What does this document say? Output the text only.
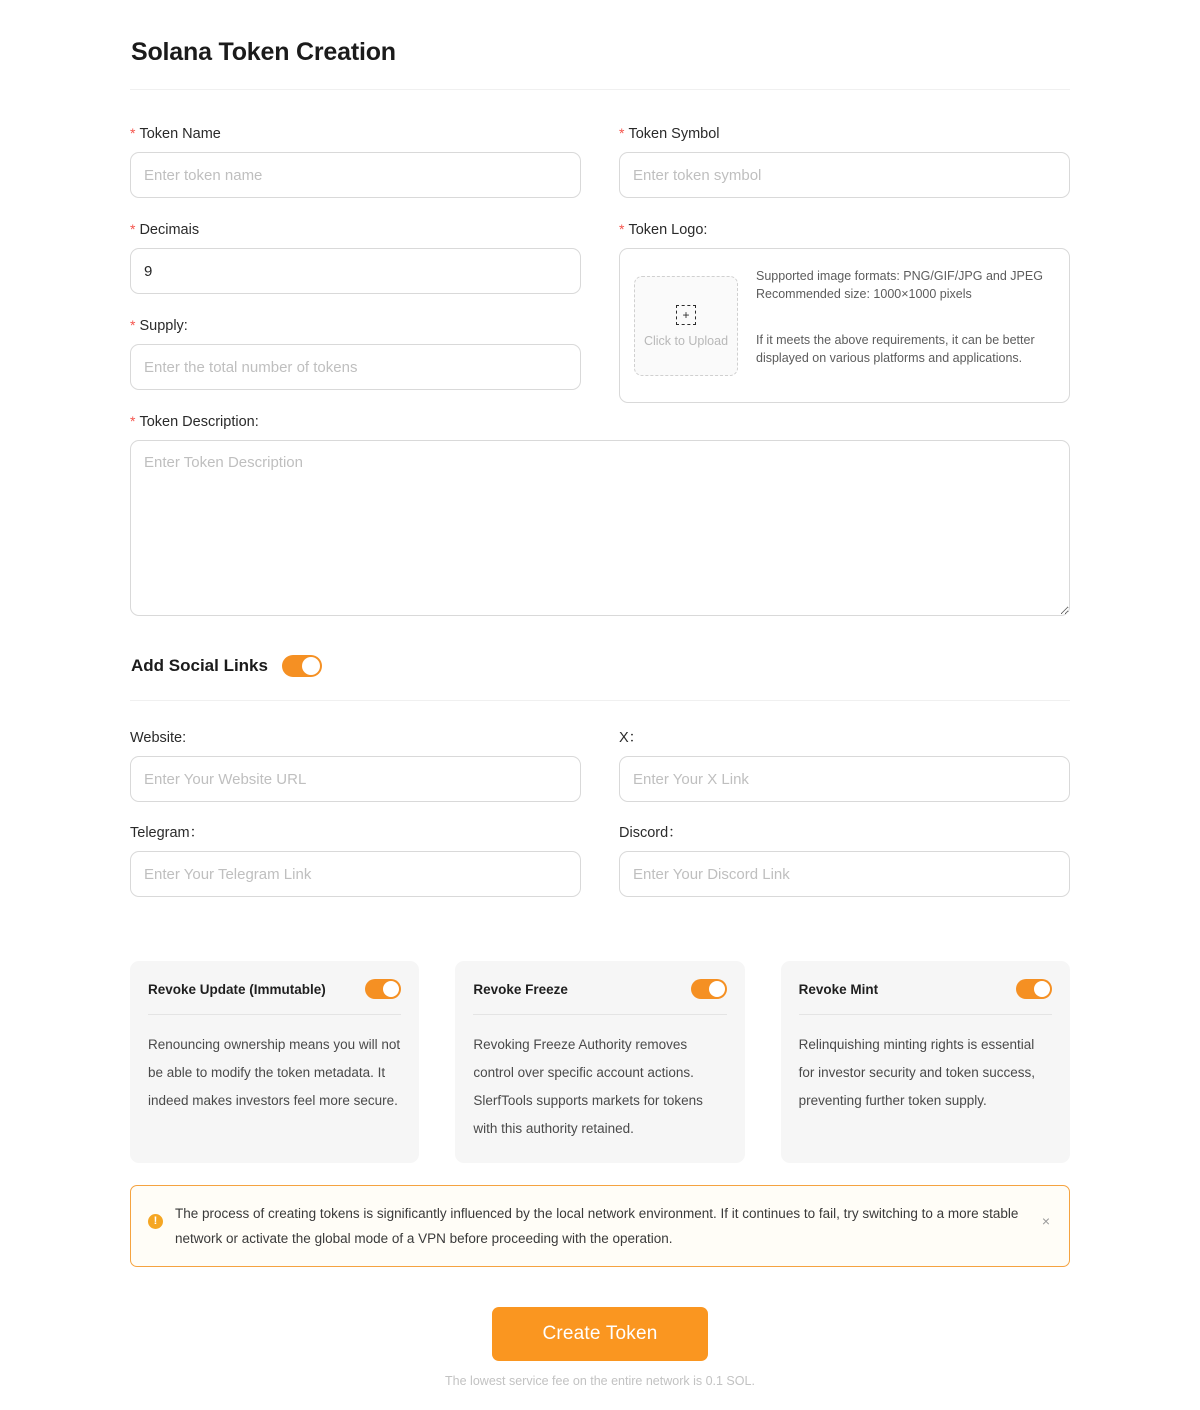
Solana Token Creation
* Token Name
Enter token name	* Token Symbol
Enter token symbol
* Decimais
9
* Supply:
Enter the total number of tokens
* Token Logo:
+
Click to Upload

Supported image formats: PNG/GIF/JPG and JPEG

Recommended size: 1000×1000 pixels

If it meets the above requirements, it can be better displayed on various platforms and applications.

* Token Description:
Enter Token Description
Add Social Links
Website:
Enter Your Website URL	X：
Enter Your X Link
Telegram：
Enter Your Telegram Link	Discord：
Enter Your Discord Link
Revoke Update (Immutable)
Renouncing ownership means you will not be able to modify the token metadata. It indeed makes investors feel more secure.
Revoke Freeze
Revoking Freeze Authority removes control over specific account actions. SlerfTools supports markets for tokens with this authority retained.
Revoke Mint
Relinquishing minting rights is essential for investor security and token success, preventing further token supply.
!	The process of creating tokens is significantly influenced by the local network environment. If it continues to fail, try switching to a more stable network or activate the global mode of a VPN before proceeding with the operation.
×
Create Token
The lowest service fee on the entire network is 0.1 SOL.
